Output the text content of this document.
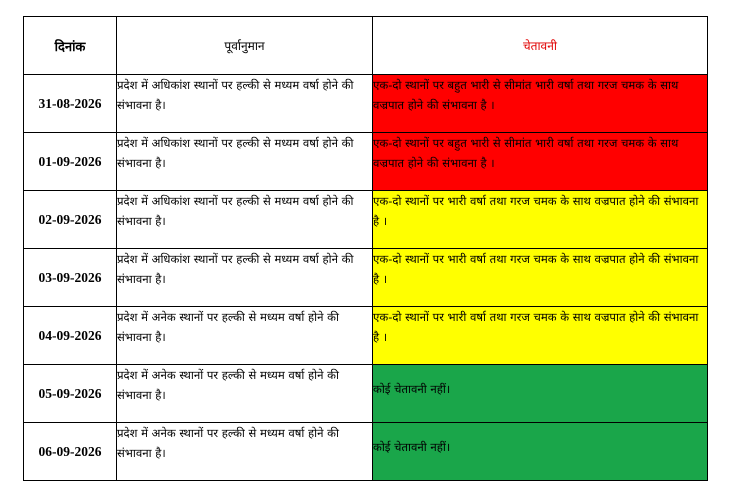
दिनांक	पूर्वानुमान	चेतावनी
31-08-2026	प्रदेश में अधिकांश स्थानों पर हल्की से मध्यम वर्षा होने की संभावना है।	एक-दो स्थानों पर बहुत भारी से सीमांत भारी वर्षा तथा गरज चमक के साथ वज्रपात होने की संभावना है ।
01-09-2026	प्रदेश में अधिकांश स्थानों पर हल्की से मध्यम वर्षा होने की संभावना है।	एक-दो स्थानों पर बहुत भारी से सीमांत भारी वर्षा तथा गरज चमक के साथ वज्रपात होने की संभावना है ।
02-09-2026	प्रदेश में अधिकांश स्थानों पर हल्की से मध्यम वर्षा होने की संभावना है।	एक-दो स्थानों पर भारी वर्षा तथा गरज चमक के साथ वज्रपात होने की संभावना है ।
03-09-2026	प्रदेश में अधिकांश स्थानों पर हल्की से मध्यम वर्षा होने की संभावना है।	एक-दो स्थानों पर भारी वर्षा तथा गरज चमक के साथ वज्रपात होने की संभावना है ।
04-09-2026	प्रदेश में अनेक स्थानों पर हल्की से मध्यम वर्षा होने की संभावना है।	एक-दो स्थानों पर भारी वर्षा तथा गरज चमक के साथ वज्रपात होने की संभावना है ।
05-09-2026	प्रदेश में अनेक स्थानों पर हल्की से मध्यम वर्षा होने की संभावना है।	कोई चेतावनी नहीं।
06-09-2026	प्रदेश में अनेक स्थानों पर हल्की से मध्यम वर्षा होने की संभावना है।	कोई चेतावनी नहीं।
